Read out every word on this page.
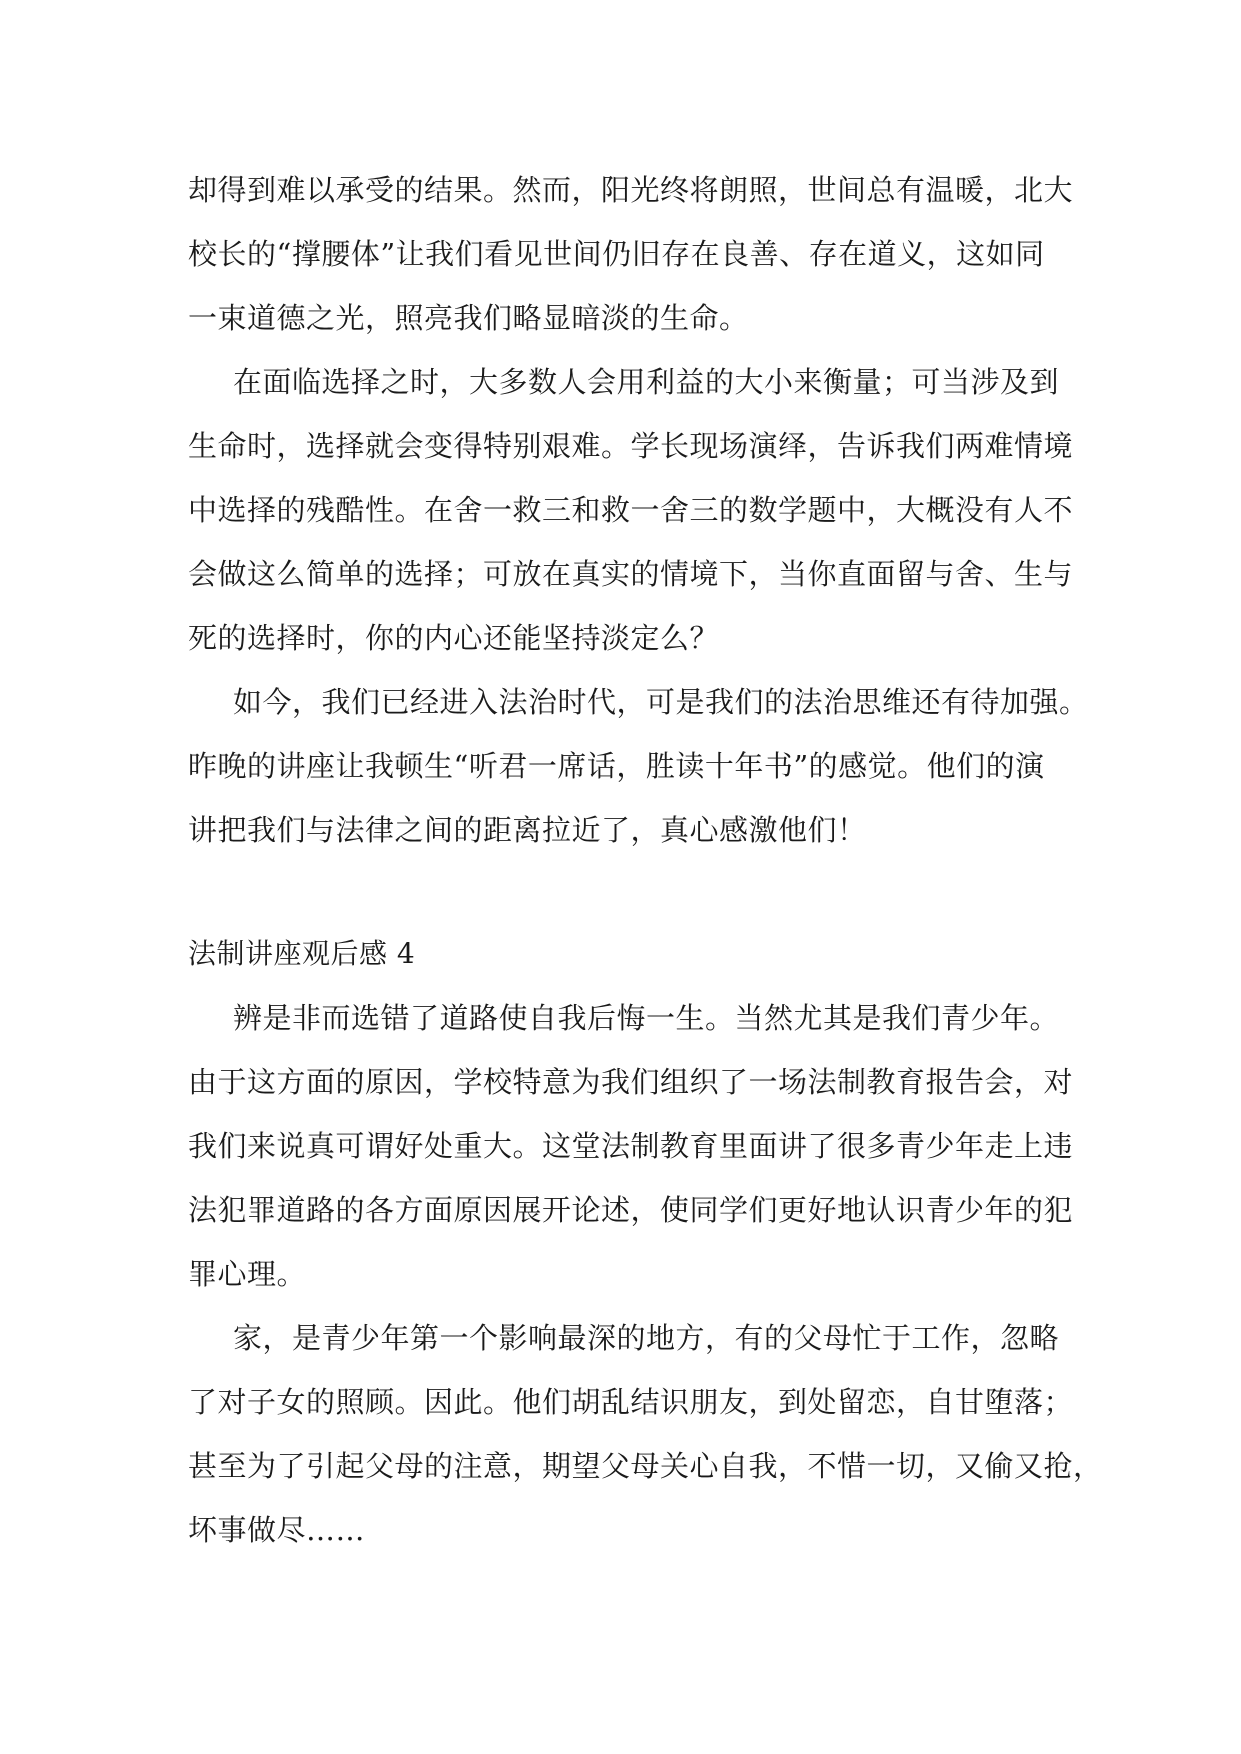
却得到难以承受的结果。然而，阳光终将朗照，世间总有温暖，北大
校长的“撑腰体”让我们看见世间仍旧存在良善、存在道义，这如同
一束道德之光，照亮我们略显暗淡的生命。
在面临选择之时，大多数人会用利益的大小来衡量；可当涉及到
生命时，选择就会变得特别艰难。学长现场演绎，告诉我们两难情境
中选择的残酷性。在舍一救三和救一舍三的数学题中，大概没有人不
会做这么简单的选择；可放在真实的情境下，当你直面留与舍、生与
死的选择时，你的内心还能坚持淡定么？
如今，我们已经进入法治时代，可是我们的法治思维还有待加强。
昨晚的讲座让我顿生“听君一席话，胜读十年书”的感觉。他们的演
讲把我们与法律之间的距离拉近了，真心感激他们！
法制讲座观后感 4
辨是非而选错了道路使自我后悔一生。当然尤其是我们青少年。
由于这方面的原因，学校特意为我们组织了一场法制教育报告会，对
我们来说真可谓好处重大。这堂法制教育里面讲了很多青少年走上违
法犯罪道路的各方面原因展开论述，使同学们更好地认识青少年的犯
罪心理。
家，是青少年第一个影响最深的地方，有的父母忙于工作，忽略
了对子女的照顾。因此。他们胡乱结识朋友，到处留恋，自甘堕落；
甚至为了引起父母的注意，期望父母关心自我，不惜一切，又偷又抢，
坏事做尽……
